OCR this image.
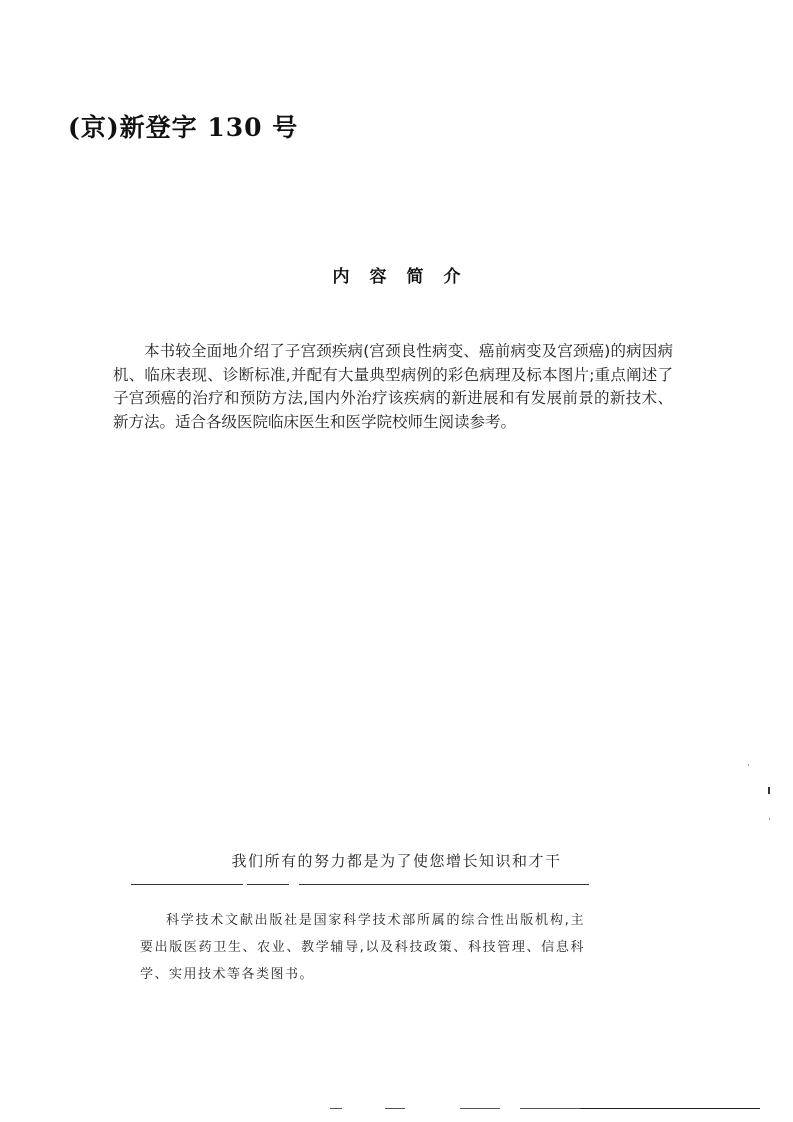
(京)新登字 130 号
内容简介

本书较全面地介绍了子宫颈疾病(宫颈良性病变、癌前病变及宫颈癌)的病因病机、临床表现、诊断标准,并配有大量典型病例的彩色病理及标本图片;重点阐述了子宫颈癌的治疗和预防方法,国内外治疗该疾病的新进展和有发展前景的新技术、新方法。适合各级医院临床医生和医学院校师生阅读参考。

我们所有的努力都是为了使您增长知识和才干

科学技术文献出版社是国家科学技术部所属的综合性出版机构,主要出版医药卫生、农业、教学辅导,以及科技政策、科技管理、信息科学、实用技术等各类图书。
